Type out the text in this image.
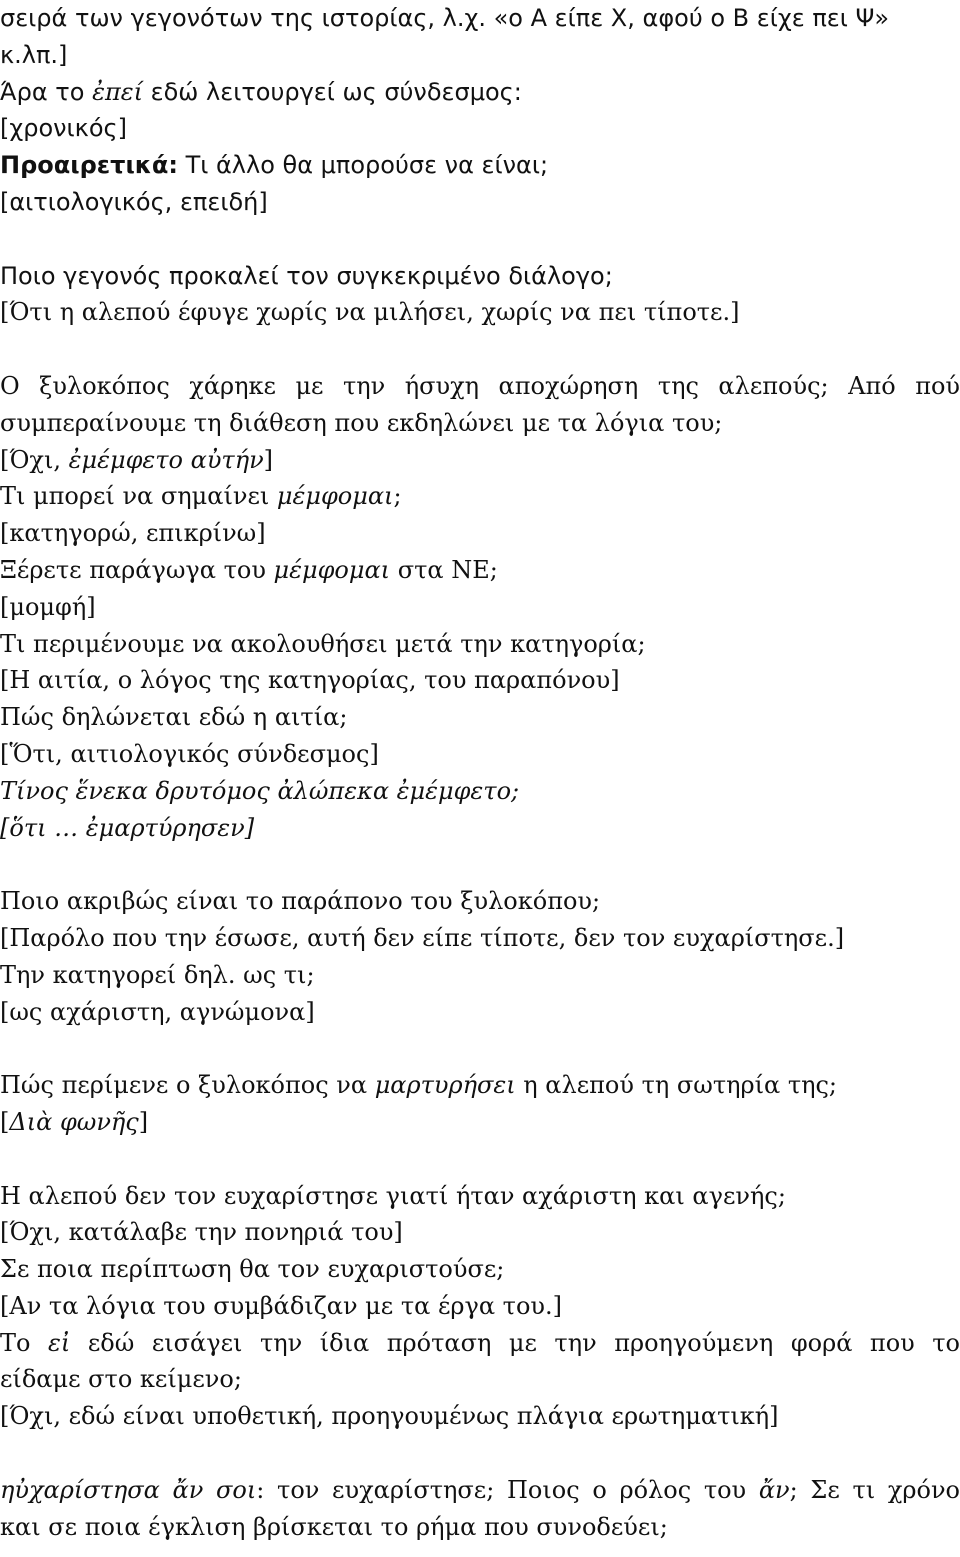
σειρά των γεγονότων της ιστορίας, λ.χ. «ο Α είπε Χ, αφού ο Β είχε πει Ψ»
κ.λπ.]
Άρα το ἐπεί εδώ λειτουργεί ως σύνδεσμος:
[χρονικός]
Προαιρετικά: Τι άλλο θα μπορούσε να είναι;
[αιτιολογικός, επειδή]
Ποιο γεγονός προκαλεί τον συγκεκριμένο διάλογο;
[Ότι η αλεπού έφυγε χωρίς να μιλήσει, χωρίς να πει τίποτε.]
Ο ξυλοκόπος χάρηκε με την ήσυχη αποχώρηση της αλεπούς; Από πού
συμπεραίνουμε τη διάθεση που εκδηλώνει με τα λόγια του;
[Όχι, ἐμέμφετο αὐτήν]
Τι μπορεί να σημαίνει μέμφομαι;
[κατηγορώ, επικρίνω]
Ξέρετε παράγωγα του μέμφομαι στα ΝΕ;
[μομφή]
Τι περιμένουμε να ακολουθήσει μετά την κατηγορία;
[Η αιτία, ο λόγος της κατηγορίας, του παραπόνου]
Πώς δηλώνεται εδώ η αιτία;
[Ὅτι, αιτιολογικός σύνδεσμος]
Τίνος ἕνεκα δρυτόμος ἀλώπεκα ἐμέμφετο;
[ὅτι … ἐμαρτύρησεν]
Ποιο ακριβώς είναι το παράπονο του ξυλοκόπου;
[Παρόλο που την έσωσε, αυτή δεν είπε τίποτε, δεν τον ευχαρίστησε.]
Την κατηγορεί δηλ. ως τι;
[ως αχάριστη, αγνώμονα]
Πώς περίμενε ο ξυλοκόπος να μαρτυρήσει η αλεπού τη σωτηρία της;
[Διὰ φωνῆς]
Η αλεπού δεν τον ευχαρίστησε γιατί ήταν αχάριστη και αγενής;
[Όχι, κατάλαβε την πονηριά του]
Σε ποια περίπτωση θα τον ευχαριστούσε;
[Αν τα λόγια του συμβάδιζαν με τα έργα του.]
Το εἰ εδώ εισάγει την ίδια πρόταση με την προηγούμενη φορά που το
είδαμε στο κείμενο;
[Όχι, εδώ είναι υποθετική, προηγουμένως πλάγια ερωτηματική]
ηὐχαρίστησα ἄν σοι: τον ευχαρίστησε; Ποιος ο ρόλος του ἄν; Σε τι χρόνο
και σε ποια έγκλιση βρίσκεται το ρήμα που συνοδεύει;
